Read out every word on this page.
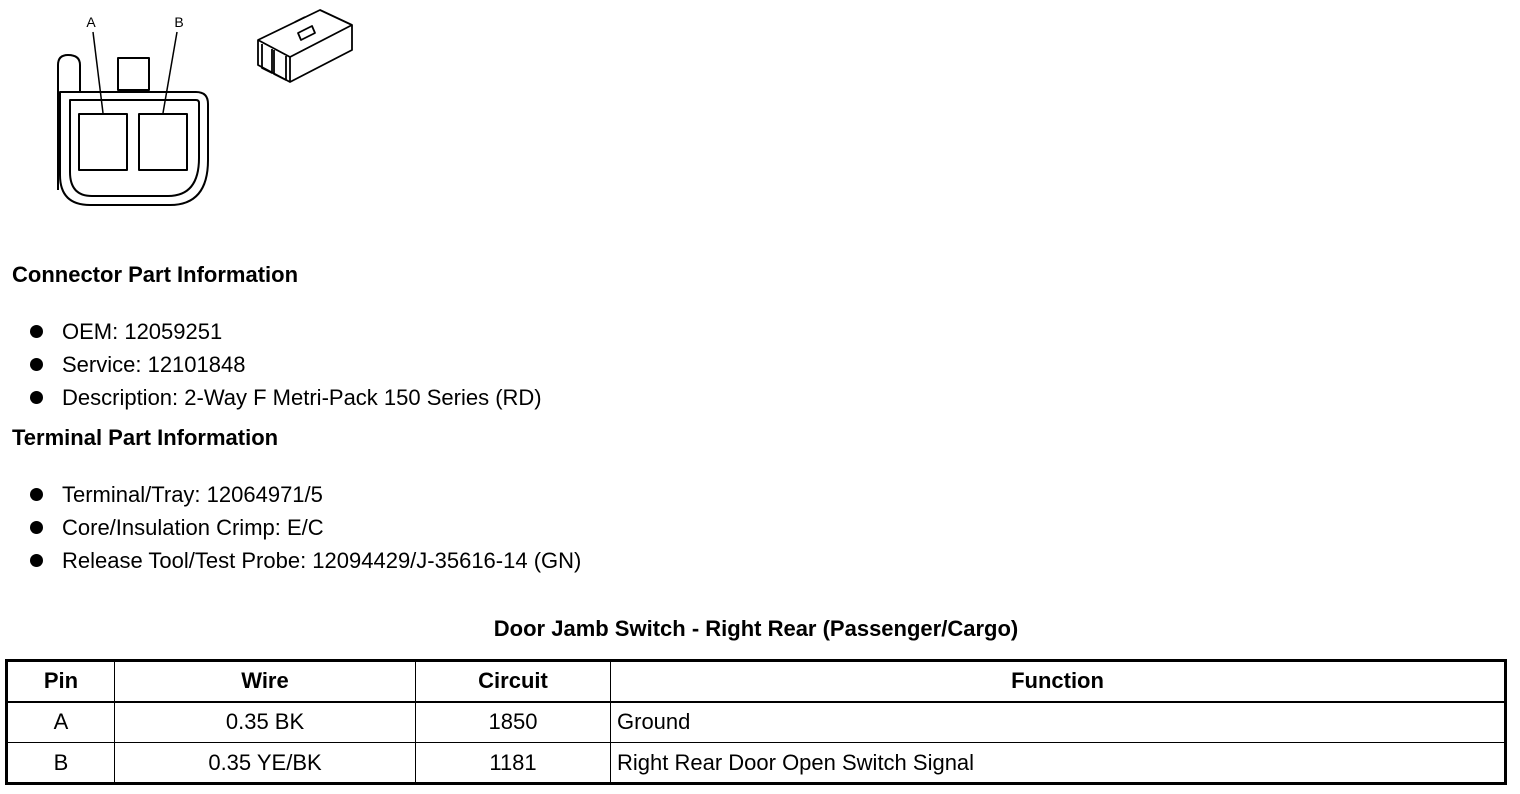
A	B
Connector Part Information
OEM: 12059251
Service: 12101848
Description: 2-Way F Metri-Pack 150 Series (RD)
Terminal Part Information
Terminal/Tray: 12064971/5
Core/Insulation Crimp: E/C
Release Tool/Test Probe: 12094429/J-35616-14 (GN)
Door Jamb Switch - Right Rear (Passenger/Cargo)
Pin	Wire	Circuit	Function
A	0.35 BK	1850	Ground
B	0.35 YE/BK	1181	Right Rear Door Open Switch Signal
